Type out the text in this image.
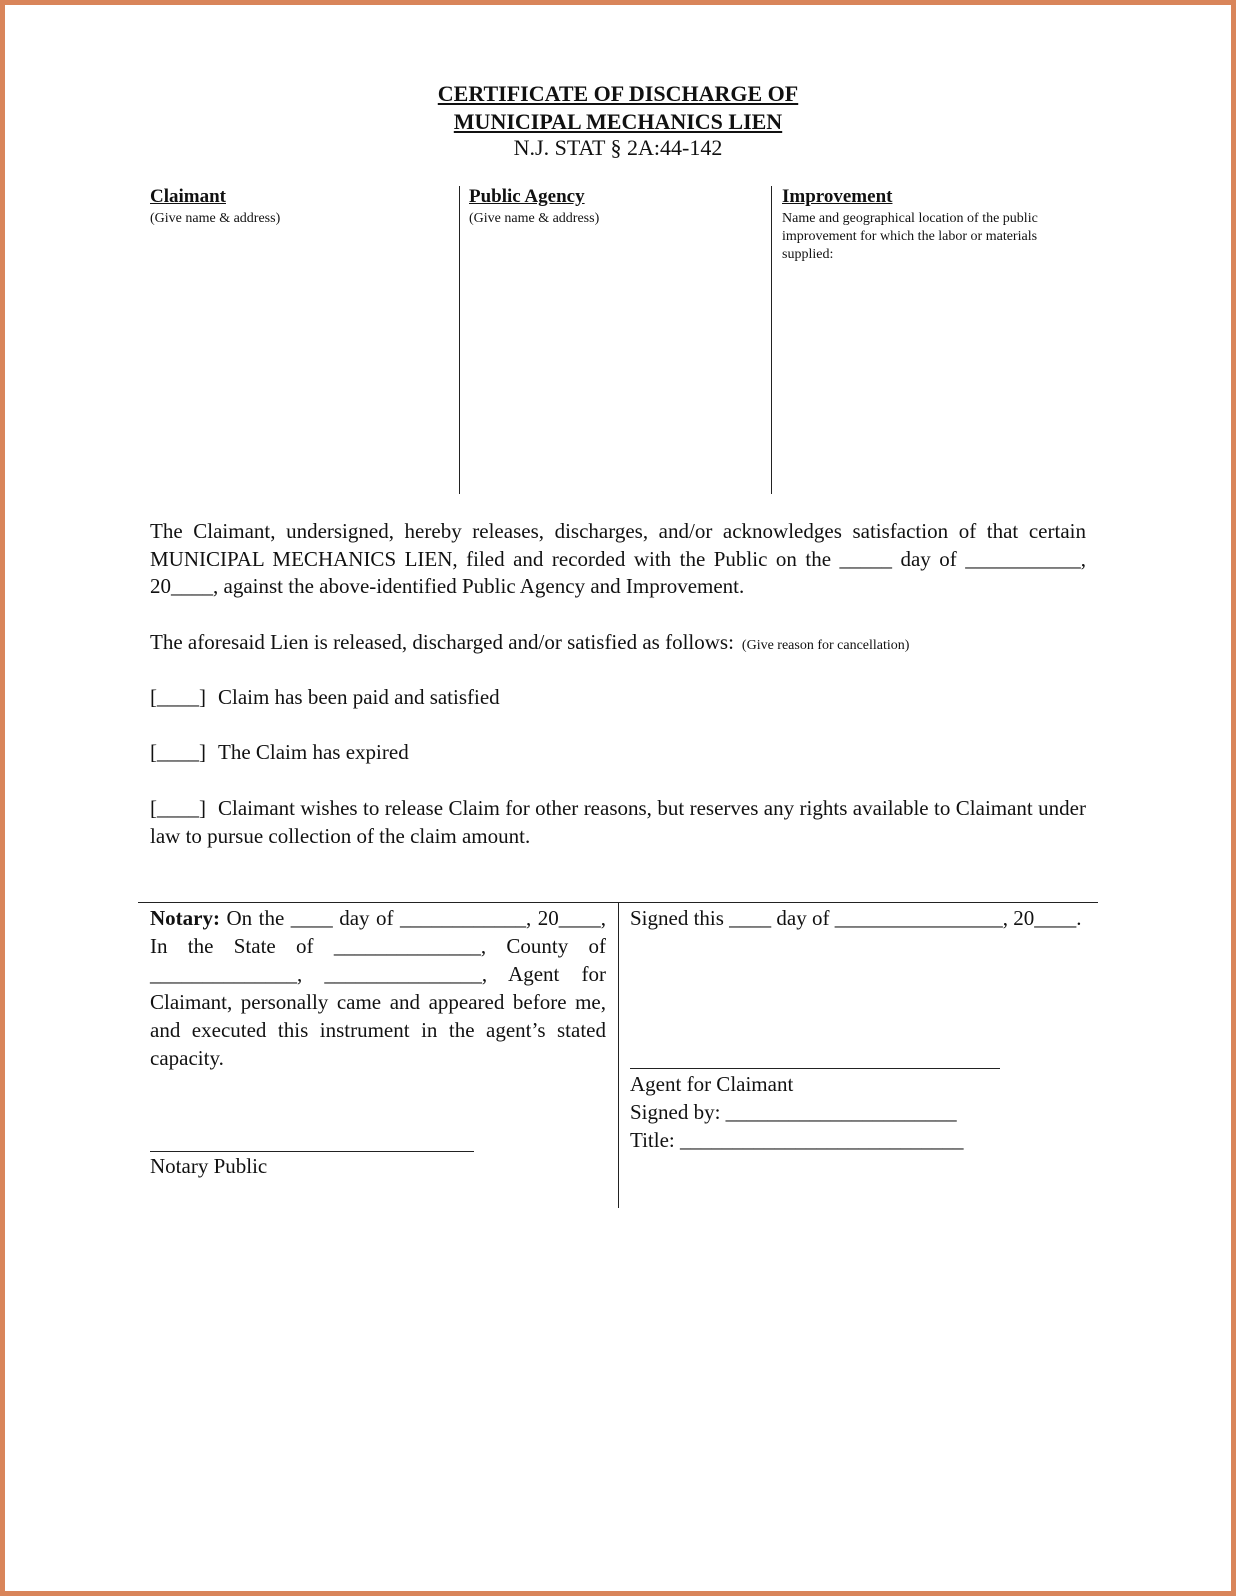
CERTIFICATE OF DISCHARGE OF
MUNICIPAL MECHANICS LIEN
N.J. STAT § 2A:44-142
Claimant
(Give name & address)
Public Agency
(Give name & address)
Improvement
Name and geographical location of the public improvement for which the labor or materials supplied:
The Claimant, undersigned, hereby releases, discharges, and/or acknowledges satisfaction of that certain MUNICIPAL MECHANICS LIEN, filed and recorded with the Public on the _____ day of ___________, 20____, against the above-identified Public Agency and Improvement.
The aforesaid Lien is released, discharged and/or satisfied as follows: (Give reason for cancellation)
[____] Claim has been paid and satisfied
[____] The Claim has expired
[____] Claimant wishes to release Claim for other reasons, but reserves any rights available to Claimant under law to pursue collection of the claim amount.
Notary: On the ____ day of ____________, 20____, In the State of ______________, County of ______________, _______________, Agent for Claimant, personally came and appeared before me, and executed this instrument in the agent’s stated capacity.
Notary Public
Signed this ____ day of ________________, 20____.
Agent for Claimant
Signed by: ______________________
Title: ___________________________
